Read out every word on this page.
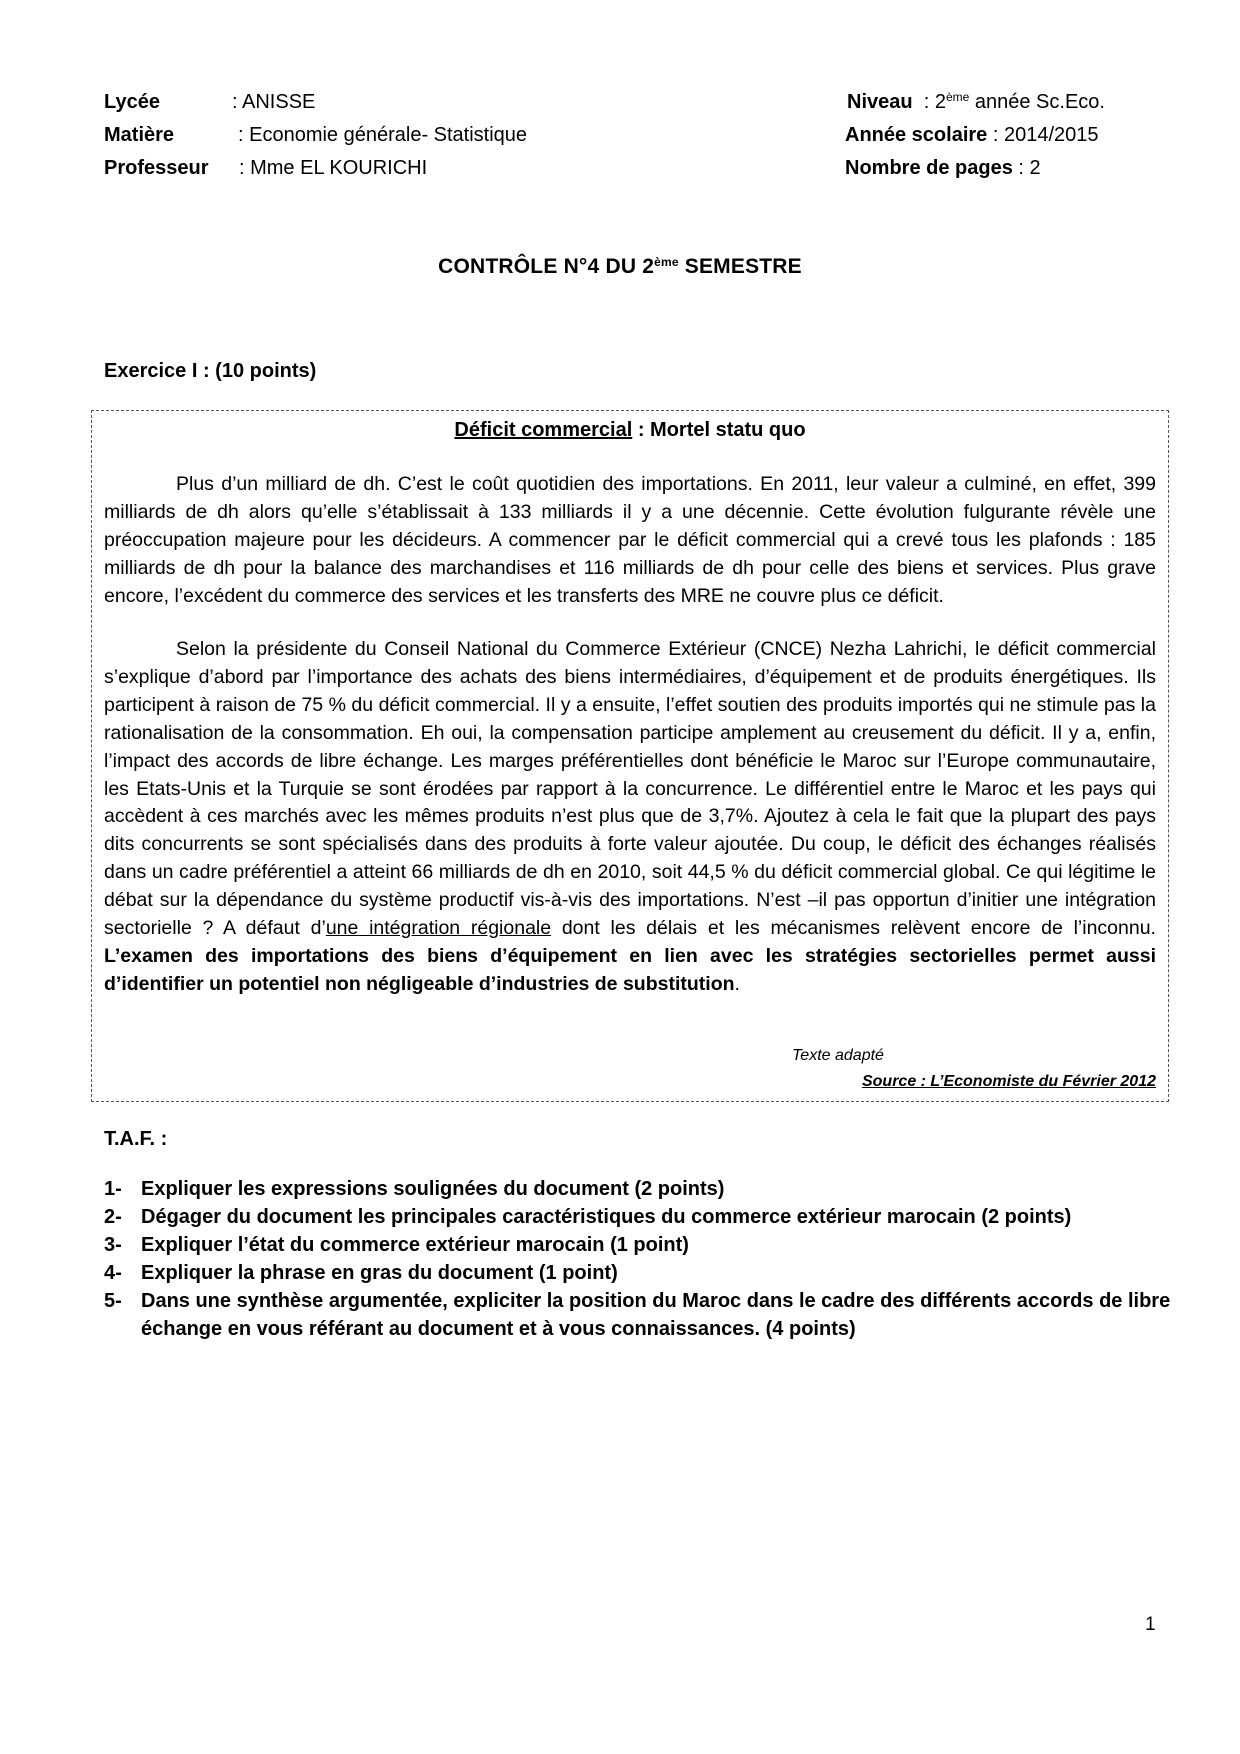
Lycée	: ANISSE
Matière	: Economie générale- Statistique
Professeur : Mme EL KOURICHI
Niveau : 2ème année Sc.Eco.
Année scolaire : 2014/2015
Nombre de pages : 2
CONTRÔLE N°4 DU 2ème SEMESTRE
Exercice I : (10 points)
Déficit commercial : Mortel statu quo

Plus d’un milliard de dh. C’est le coût quotidien des importations. En 2011, leur valeur a culminé, en effet, 399 milliards de dh alors qu’elle s’établissait à 133 milliards il y a une décennie. Cette évolution fulgurante révèle une préoccupation majeure pour les décideurs. A commencer par le déficit commercial qui a crevé tous les plafonds : 185 milliards de dh pour la balance des marchandises et 116 milliards de dh pour celle des biens et services. Plus grave encore, l’excédent du commerce des services et les transferts des MRE ne couvre plus ce déficit.

Selon la présidente du Conseil National du Commerce Extérieur (CNCE) Nezha Lahrichi, le déficit commercial s’explique d’abord par l’importance des achats des biens intermédiaires, d’équipement et de produits énergétiques. Ils participent à raison de 75 % du déficit commercial. Il y a ensuite, l’effet soutien des produits importés qui ne stimule pas la rationalisation de la consommation. Eh oui, la compensation participe amplement au creusement du déficit. Il y a, enfin, l’impact des accords de libre échange. Les marges préférentielles dont bénéficie le Maroc sur l’Europe communautaire, les Etats-Unis et la Turquie se sont érodées par rapport à la concurrence. Le différentiel entre le Maroc et les pays qui accèdent à ces marchés avec les mêmes produits n’est plus que de 3,7%. Ajoutez à cela le fait que la plupart des pays dits concurrents se sont spécialisés dans des produits à forte valeur ajoutée. Du coup, le déficit des échanges réalisés dans un cadre préférentiel a atteint 66 milliards de dh en 2010, soit 44,5 % du déficit commercial global. Ce qui légitime le débat sur la dépendance du système productif vis-à-vis des importations. N’est –il pas opportun d’initier une intégration sectorielle ? A défaut d’une intégration régionale dont les délais et les mécanismes relèvent encore de l’inconnu. L’examen des importations des biens d’équipement en lien avec les stratégies sectorielles permet aussi d’identifier un potentiel non négligeable d’industries de substitution.

Texte adapté
Source : L’Economiste du Février 2012
T.A.F. :
1- Expliquer les expressions soulignées du document (2 points)
2- Dégager du document les principales caractéristiques du commerce extérieur marocain (2 points)
3- Expliquer l’état du commerce extérieur marocain (1 point)
4- Expliquer la phrase en gras du document (1 point)
5- Dans une synthèse argumentée, expliciter la position du Maroc dans le cadre des différents accords de libre échange en vous référant au document et à vous connaissances. (4 points)
1
